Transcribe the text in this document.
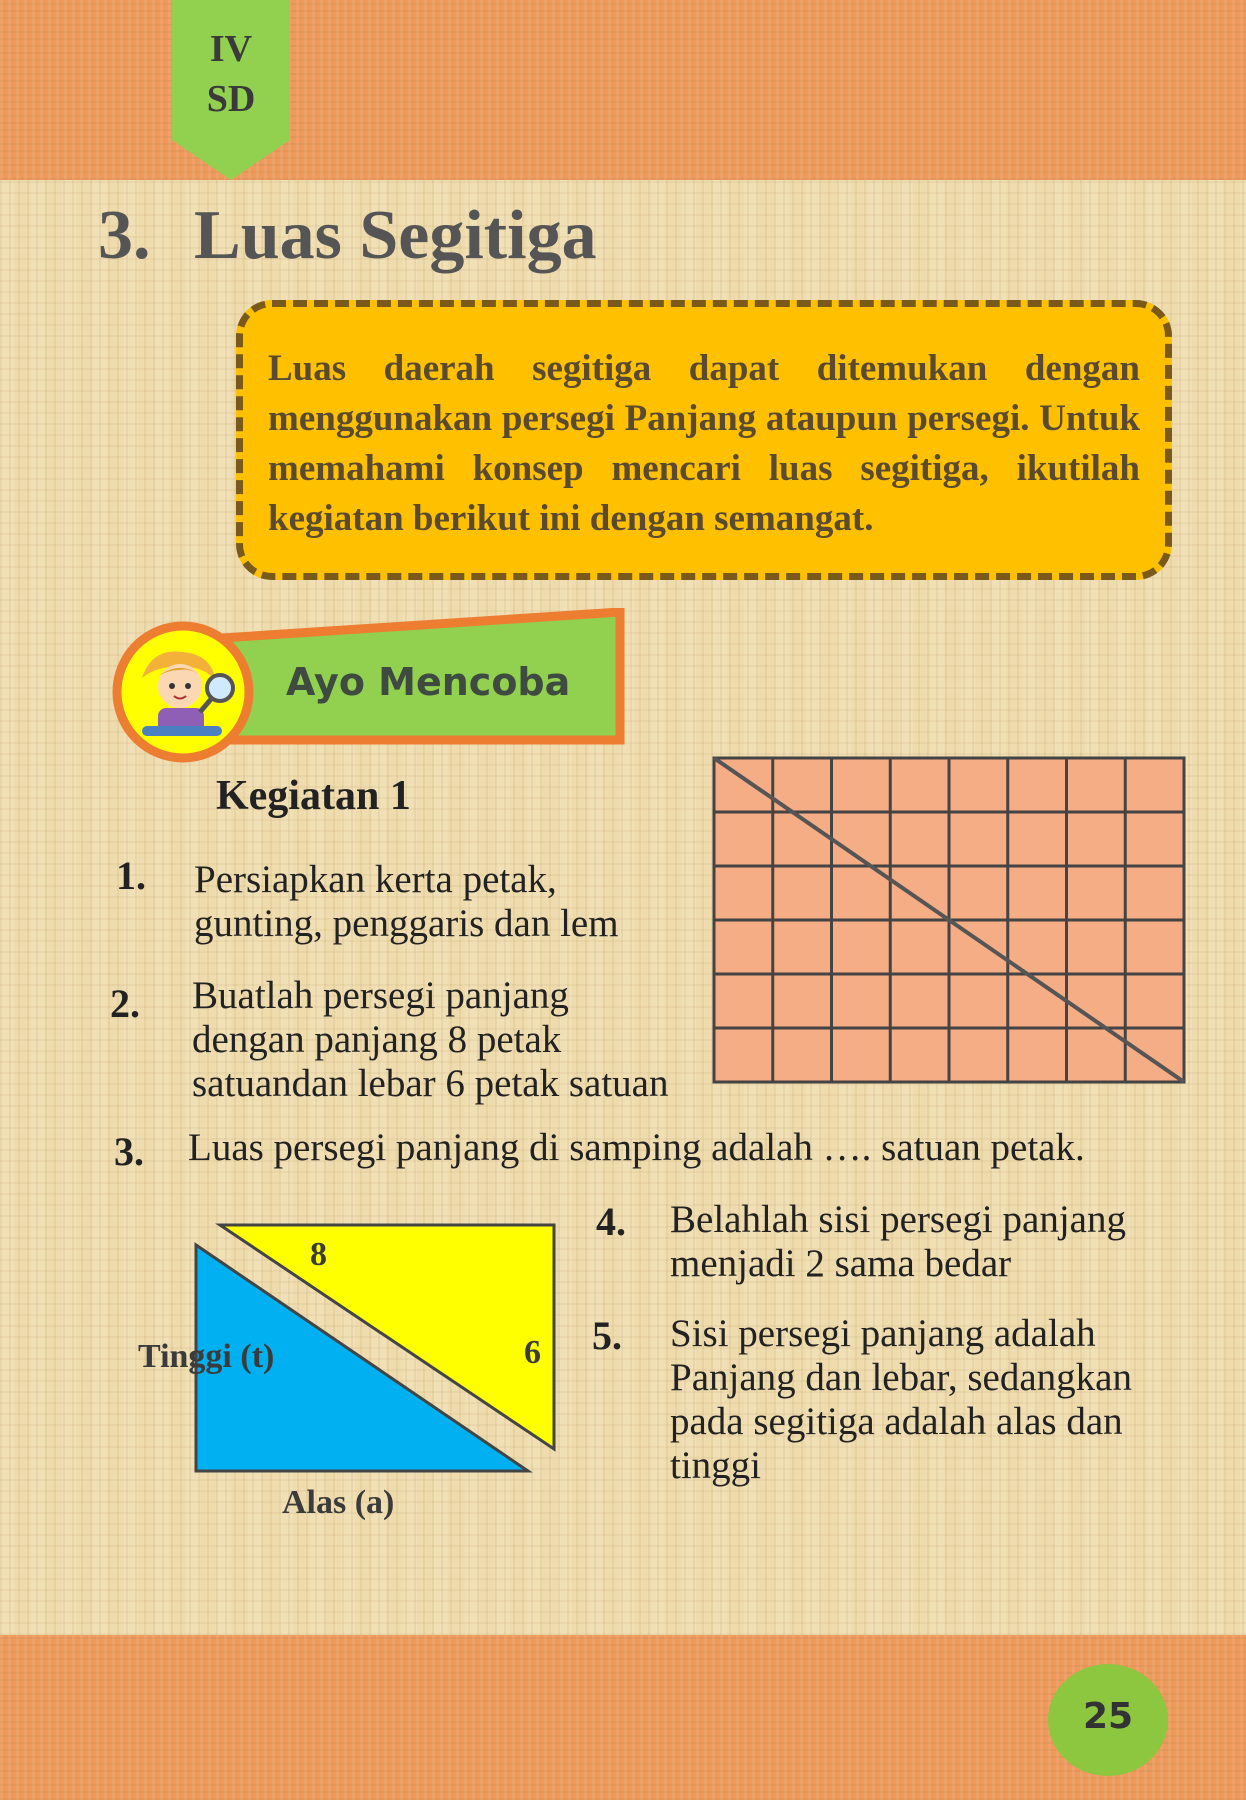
IV
SD
3. Luas Segitiga
Luas daerah segitiga dapat ditemukan dengan menggunakan persegi Panjang ataupun persegi. Untuk memahami konsep mencari luas segitiga, ikutilah kegiatan berikut ini dengan semangat.
Ayo Mencoba
Kegiatan 1
1. Persiapkan kerta petak,
gunting, penggaris dan lem
2. Buatlah persegi panjang
dengan panjang 8 petak
satuandan lebar 6 petak satuan
3. Luas persegi panjang di samping adalah …. satuan petak.
4. Belahlah sisi persegi panjang
menjadi 2 sama bedar
5. Sisi persegi panjang adalah
Panjang dan lebar, sedangkan
pada segitiga adalah alas dan
tinggi
8
6
Tinggi (t)
Alas (a)
25
